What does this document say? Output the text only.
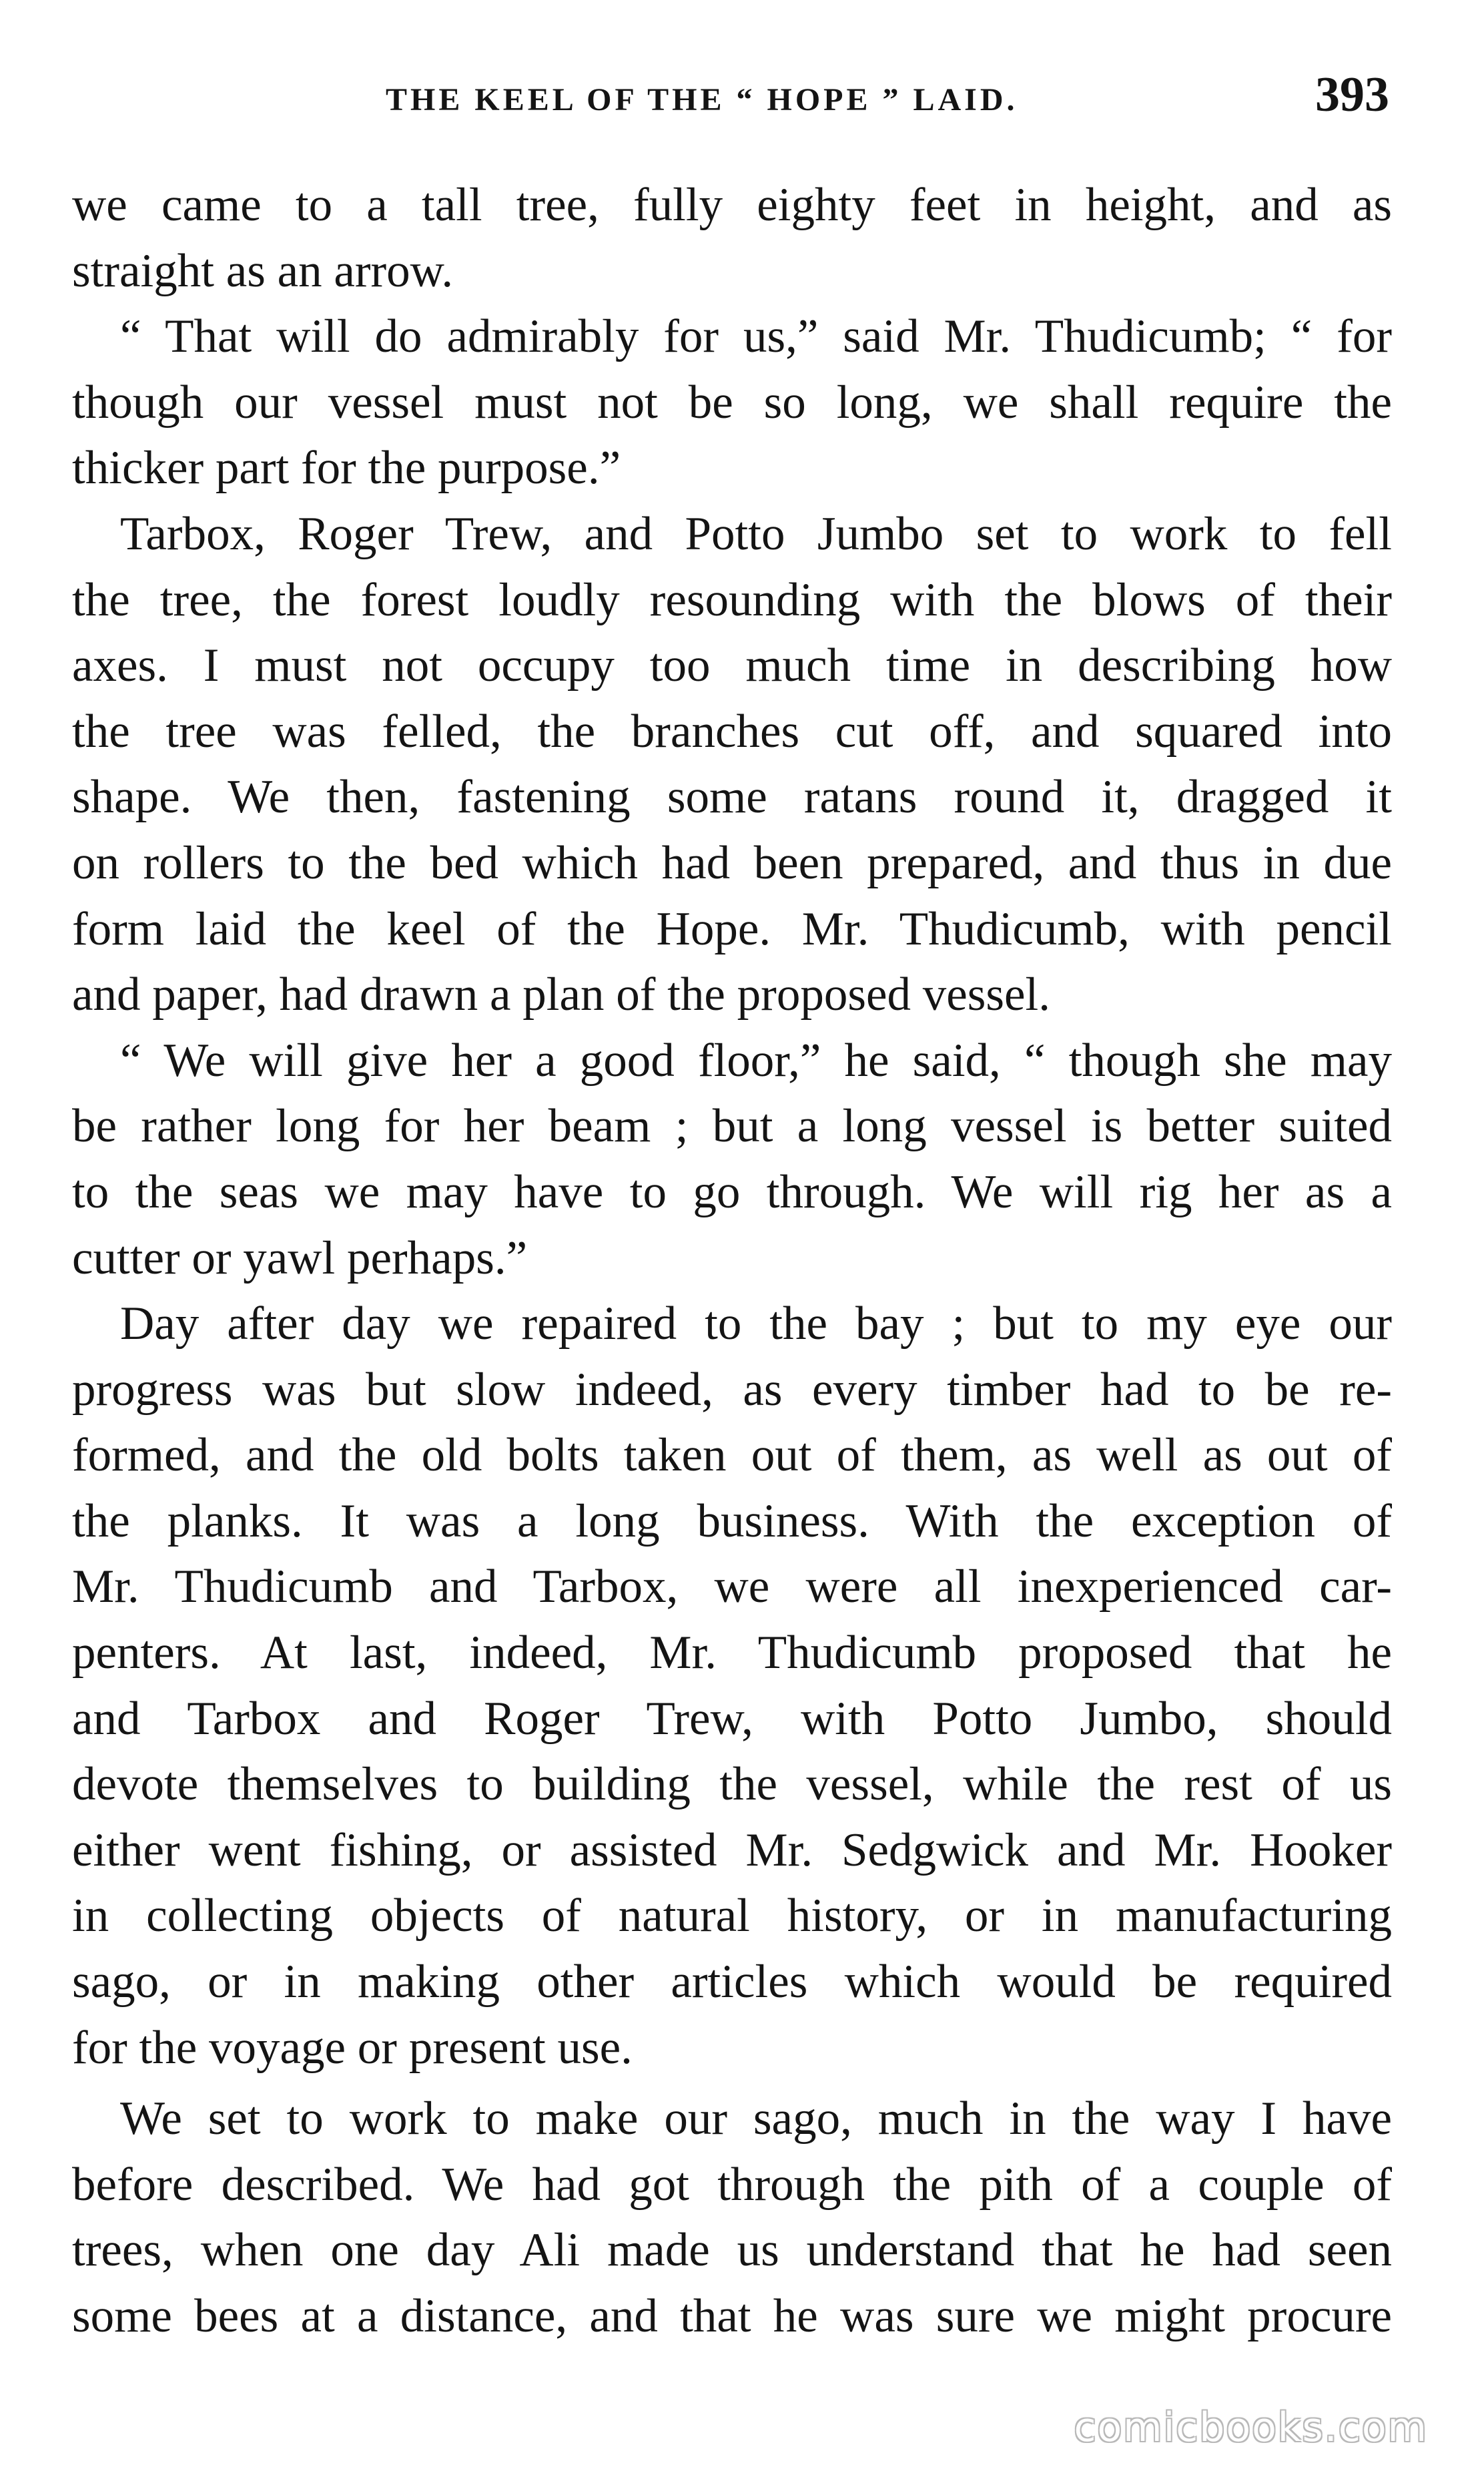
THE KEEL OF THE “ HOPE ” LAID.	393
we came to a tall tree, fully eighty feet in height, and as
straight as an arrow.
“ That will do admirably for us,” said Mr. Thudicumb; “ for
though our vessel must not be so long, we shall require the
thicker part for the purpose.”
Tarbox, Roger Trew, and Potto Jumbo set to work to fell
the tree, the forest loudly resounding with the blows of their
axes. I must not occupy too much time in describing how
the tree was felled, the branches cut off, and squared into
shape. We then, fastening some ratans round it, dragged it
on rollers to the bed which had been prepared, and thus in due
form laid the keel of the Hope. Mr. Thudicumb, with pencil
and paper, had drawn a plan of the proposed vessel.
“ We will give her a good floor,” he said, “ though she may
be rather long for her beam ; but a long vessel is better suited
to the seas we may have to go through. We will rig her as a
cutter or yawl perhaps.”
Day after day we repaired to the bay ; but to my eye our
progress was but slow indeed, as every timber had to be re-
formed, and the old bolts taken out of them, as well as out of
the planks. It was a long business. With the exception of
Mr. Thudicumb and Tarbox, we were all inexperienced car-
penters. At last, indeed, Mr. Thudicumb proposed that he
and Tarbox and Roger Trew, with Potto Jumbo, should
devote themselves to building the vessel, while the rest of us
either went fishing, or assisted Mr. Sedgwick and Mr. Hooker
in collecting objects of natural history, or in manufacturing
sago, or in making other articles which would be required
for the voyage or present use.
We set to work to make our sago, much in the way I have
before described. We had got through the pith of a couple of
trees, when one day Ali made us understand that he had seen
some bees at a distance, and that he was sure we might procure
comicbooks.com
